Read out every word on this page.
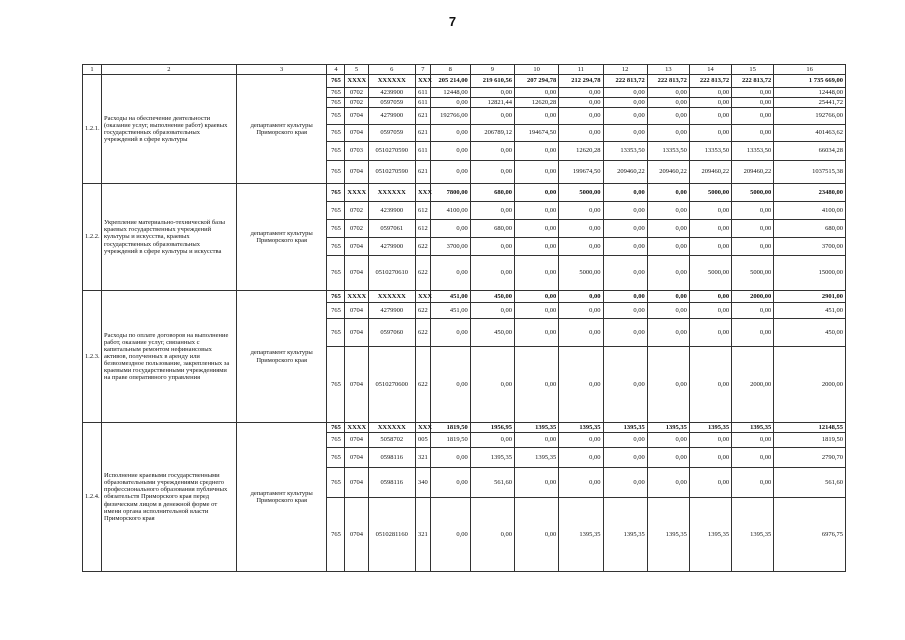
7
1	2	3	4	5	6	7	8	9	10	11	12	13	14	15	16
1.2.1.	Расходы на обеспечение деятельности (оказание услуг, выполнение работ) краевых государственных образовательных учреждений в сфере культуры	департамент культуры Приморского края	765	XXXX	XXXXXX	XXX	205 214,00	219 610,56	207 294,78	212 294,78	222 813,72	222 813,72	222 813,72	222 813,72	1 735 669,00
			765	0702	4239900	611	12448,00	0,00	0,00	0,00	0,00	0,00	0,00	0,00	12448,00
			765	0702	0597059	611	0,00	12821,44	12620,28	0,00	0,00	0,00	0,00	0,00	25441,72
			765	0704	4279900	621	192766,00	0,00	0,00	0,00	0,00	0,00	0,00	0,00	192766,00
			765	0704	0597059	621	0,00	206789,12	194674,50	0,00	0,00	0,00	0,00	0,00	401463,62
			765	0703	0510270590	611	0,00	0,00	0,00	12620,28	13353,50	13353,50	13353,50	13353,50	66034,28
			765	0704	0510270590	621	0,00	0,00	0,00	199674,50	209460,22	209460,22	209460,22	209460,22	1037515,38
1.2.2.	Укрепление материально-технической базы краевых государственных учреждений культуры и искусства, краевых государственных образовательных учреждений в сфере культуры и искусства	департамент культуры Приморского края	765	XXXX	XXXXXX	XXX	7800,00	680,00	0,00	5000,00	0,00	0,00	5000,00	5000,00	23480,00
			765	0702	4239900	612	4100,00	0,00	0,00	0,00	0,00	0,00	0,00	0,00	4100,00
			765	0702	0597061	612	0,00	680,00	0,00	0,00	0,00	0,00	0,00	0,00	680,00
			765	0704	4279900	622	3700,00	0,00	0,00	0,00	0,00	0,00	0,00	0,00	3700,00
			765	0704	0510270610	622	0,00	0,00	0,00	5000,00	0,00	0,00	5000,00	5000,00	15000,00
1.2.3.	Расходы по оплате договоров на выполнение работ, оказание услуг, связанных с капитальным ремонтом нефинансовых активов, полученных в аренду или безвозмездное пользование, закрепленных за краевыми государственными учреждениями на праве оперативного управления	департамент культуры Приморского края	765	XXXX	XXXXXX	XXX	451,00	450,00	0,00	0,00	0,00	0,00	0,00	2000,00	2901,00
			765	0704	4279900	622	451,00	0,00	0,00	0,00	0,00	0,00	0,00	0,00	451,00
			765	0704	0597060	622	0,00	450,00	0,00	0,00	0,00	0,00	0,00	0,00	450,00
			765	0704	0510270600	622	0,00	0,00	0,00	0,00	0,00	0,00	0,00	2000,00	2000,00
1.2.4.	Исполнение краевыми государственными образовательными учреждениями среднего профессионального образования публичных обязательств Приморского края перед физическим лицом в денежной форме от имени органа исполнительной власти Приморского края	департамент культуры Приморского края	765	XXXX	XXXXXX	XXX	1819,50	1956,95	1395,35	1395,35	1395,35	1395,35	1395,35	1395,35	12148,55
			765	0704	5058702	005	1819,50	0,00	0,00	0,00	0,00	0,00	0,00	0,00	1819,50
			765	0704	0598116	321	0,00	1395,35	1395,35	0,00	0,00	0,00	0,00	0,00	2790,70
			765	0704	0598116	340	0,00	561,60	0,00	0,00	0,00	0,00	0,00	0,00	561,60
			765	0704	0510281160	321	0,00	0,00	0,00	1395,35	1395,35	1395,35	1395,35	1395,35	6976,75
